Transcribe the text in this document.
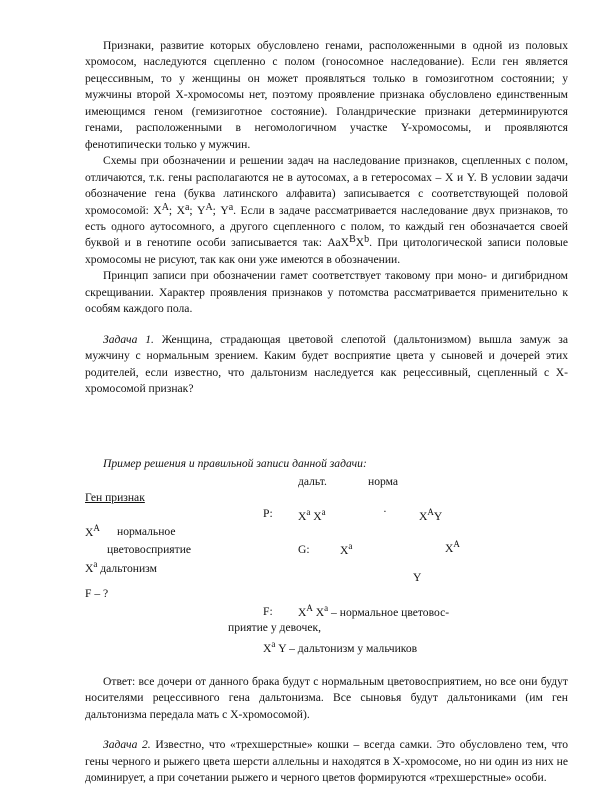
Признаки, развитие которых обусловлено генами, расположенными в одной из половых хромосом, наследуются сцепленно с полом (гоносомное наследование). Если ген является рецессивным, то у женщины он может проявляться только в гомозиготном состоянии; у мужчины второй Х-хромосомы нет, поэтому проявление признака обусловлено единственным имеющимся геном (гемизиготное состояние). Голандрические признаки детерминируются генами, расположенными в негомологичном участке Y-хромосомы, и проявляются фенотипически только у мужчин.

Схемы при обозначении и решении задач на наследование признаков, сцепленных с полом, отличаются, т.к. гены располагаются не в аутосомах, а в гетеросомах – Х и Y. В условии задачи обозначение гена (буква латинского алфавита) записывается с соответствующей половой хромосомой: ХА; Ха; YА; Yа. Если в задаче рассматривается наследование двух признаков, то есть одного аутосомного, а другого сцепленного с полом, то каждый ген обозначается своей буквой и в генотипе особи записывается так: АаХВХb. При цитологической записи половые хромосомы не рисуют, так как они уже имеются в обозначении.

Принцип записи при обозначении гамет соответствует таковому при моно- и дигибридном скрещивании. Характер проявления признаков у потомства рассматривается применительно к особям каждого пола.

Задача 1. Женщина, страдающая цветовой слепотой (дальтонизмом) вышла замуж за мужчину с нормальным зрением. Каким будет восприятие цвета у сыновей и дочерей этих родителей, если известно, что дальтонизм наследуется как рецессивный, сцепленный с Х-хромосомой признак?

Пример решения и правильной записи данной задачи:

дальт.	норма
Ген признак
P: $Х^а$ $Х^а$	·	$Х^АY$
$Х^А$ нормальное
цветовосприятие	G:	$Х^а$	$Х^А$
$Х^а$ дальтонизм
Y
F – ?
F: $Х^А$ $Х^а$ – нормальное цветовос-
приятие у девочек,
$Х^а$ Y – дальтонизм у мальчиков

Ответ: все дочери от данного брака будут с нормальным цветовосприятием, но все они будут носителями рецессивного гена дальтонизма. Все сыновья будут дальтониками (им ген дальтонизма передала мать с Х-хромосомой).

Задача 2. Известно, что «трехшерстные» кошки – всегда самки. Это обусловлено тем, что гены черного и рыжего цвета шерсти аллельны и находятся в Х-хромосоме, но ни один из них не доминирует, а при сочетании рыжего и черного цветов формируются «трехшерстные» особи.
